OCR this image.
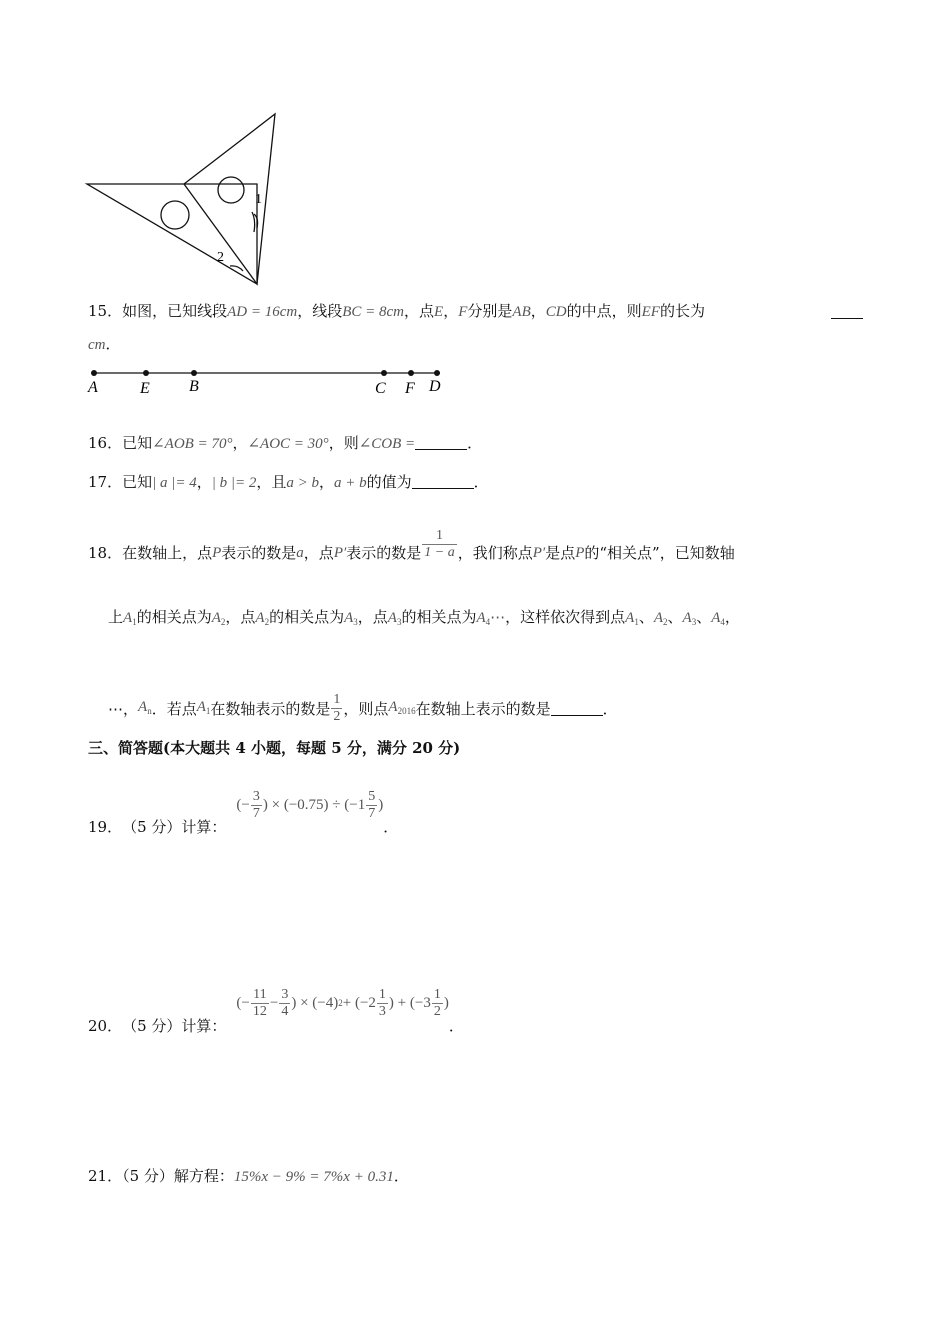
1
2
15．如图，已知线段AD = 16cm，线段BC = 8cm，点E，F分别是AB，CD的中点，则EF的长为
cm．
A	E B	C F D
16．已知∠AOB = 70°，∠AOC = 30°，则∠COB =	．
17．已知| a |= 4，| b |= 2，且a > b，a + b的值为	．
18． 在数轴上，点 P 表示的数是 a ，点 P′ 表示的数是 $\frac{1}{1 - a}$ ，我们称点 P′ 是点 P 的“相关点”，已知数轴
上$A_1$的相关点为$A_2$，点$A_2$的相关点为$A_3$，点$A_3$的相关点为$A_4\cdots$，这样依次得到点$A_1$、$A_2$、$A_3$、$A_4$，
⋯， $A_n$ ．若点 $A_1$ 在数轴表示的数是 $\frac{1}{2}$ ，则点 $A_{2016}$ 在数轴上表示的数是	．
三、简答题(本大题共 4 小题，每题 5 分，满分 20 分)
19． （5 分）计算：
(− $\frac{3}{7}$ ) × $(-0.75) \div (-1 \frac{5}{7}$ )
．
20． （5 分）计算：
(− $\frac{11}{12} - \frac{3}{4}$ ) × (−4) $2 + (-2 \frac{1}{3}$ ) + ($-3 \frac{1}{2}$ )
．
21．（5 分）解方程：15%x − 9% = 7%x + 0.31．
